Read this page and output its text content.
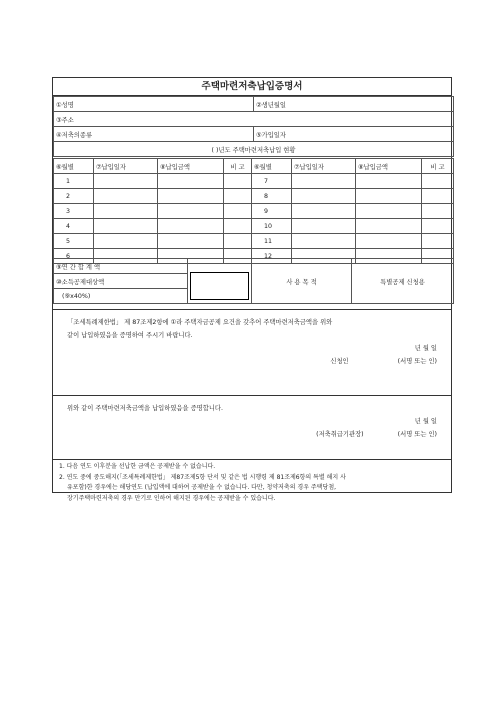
주택마련저축납입증명서
①성명	②생년월일
③주소	
④저축의종류	⑤가입일자
( )년도 주택마련저축납입 현황	
⑥월별	⑦납입일자	⑧납입금액	비 고	⑥월별	⑦납입일자	⑧납입금액	비 고
1				7			
2				8			
3				9			
4				10			
5				11			
6				12			
⑨연 간 합 계 액	
	사 용 목 적	특별공제 신청용
⑩소득공제대상액
(⑨x40%)
「조세특례제한법」 제 87조제2항에 ①라 주택자금공제 요건을 갖추어 주택마련저축금액을 위와
같이 납입하였음을 증명하여 주시기 바랍니다.
년 월 일
신청인	(서명 또는 인)
위와 같이 주택마련저축금액을 납입하였음을 증명합니다.
년 월 일
(저축취급기관장)	(서명 또는 인)
1. 다음 연도 이후분을 선납한 금액은 공제받을 수 없습니다.
2. 연도 중에 중도해지(「조세특례제한법」 제87조제5항 단서 및 같은 법 시행령 제 81조제6항의 특별 해지 사
유포함)한 경우에는 해당연도 (납입액에 대하여 공제받을 수 없습니다. 다만, 청약저축의 경우 주택당첨,
장기주택마련저축의 경우 만기로 인하여 해지된 경우에는 공제받을 수 있습니다.
